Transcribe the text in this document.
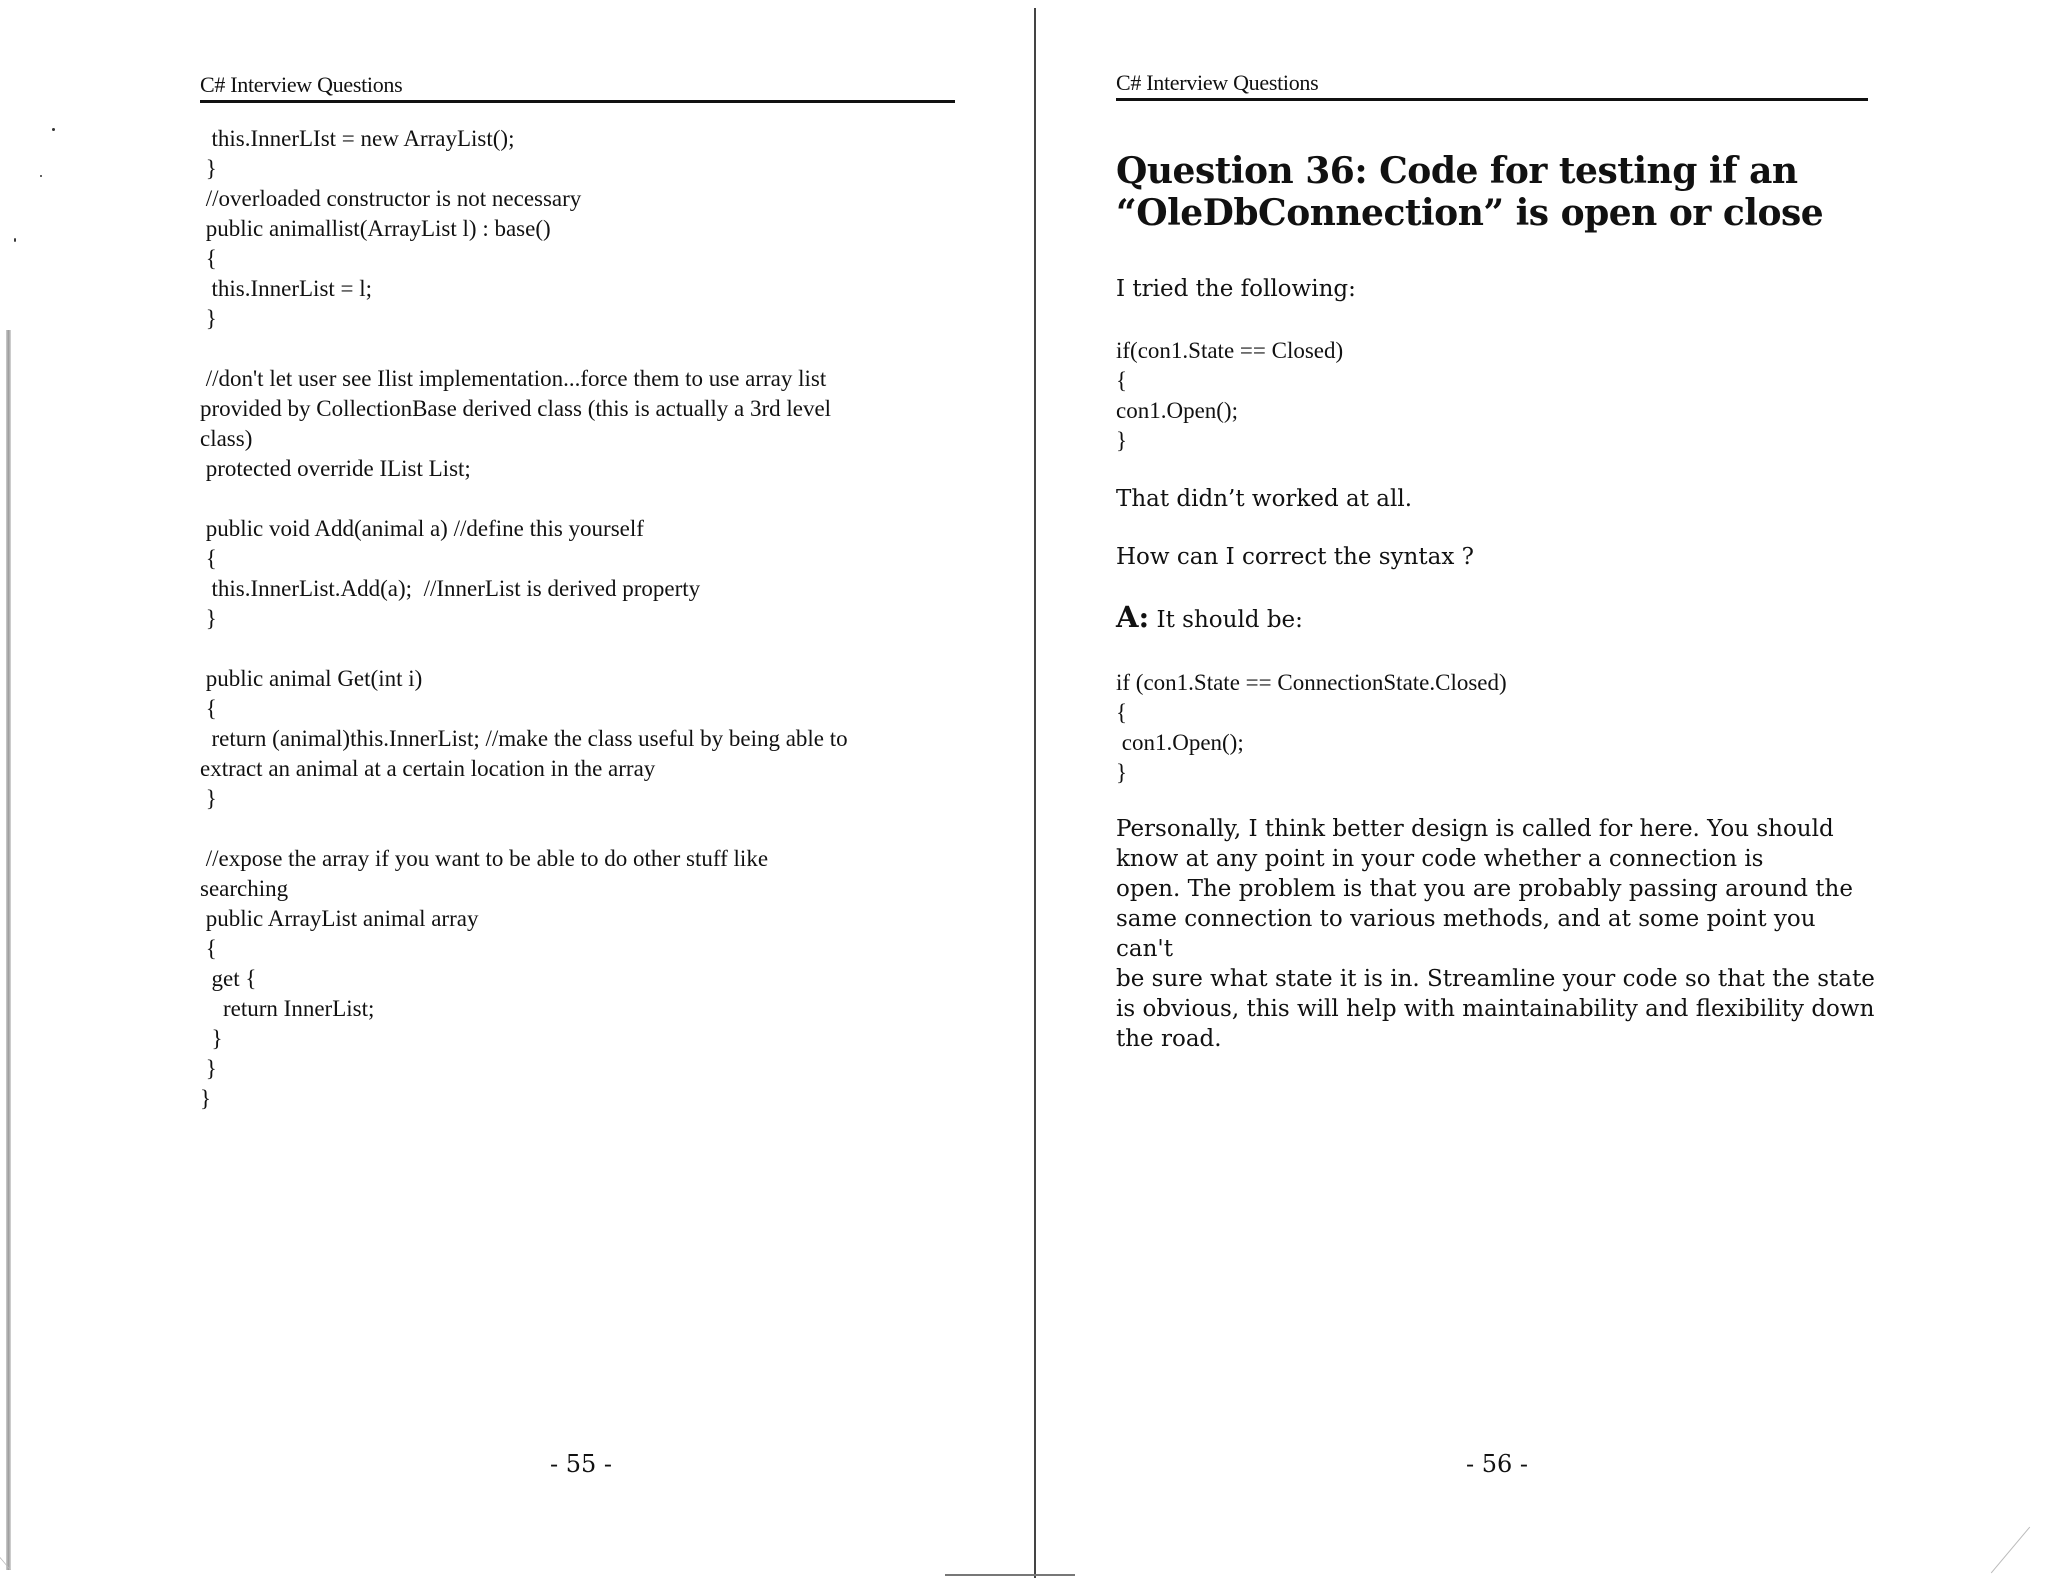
C# Interview Questions
this.InnerLIst = new ArrayList();
}
//overloaded constructor is not necessary
public animallist(ArrayList l) : base()
{
this.InnerList = l;
}
//don't let user see Ilist implementation...force them to use array list
provided by CollectionBase derived class (this is actually a 3rd level
class)
protected override IList List;
public void Add(animal a) //define this yourself
{
this.InnerList.Add(a);  //InnerList is derived property
}
public animal Get(int i)
{
return (animal)this.InnerList; //make the class useful by being able to
extract an animal at a certain location in the array
}
//expose the array if you want to be able to do other stuff like
searching
public ArrayList animal array
{
get {
return InnerList;
}
}
}
- 55 -
C# Interview Questions
Question 36: Code for testing if an
“OleDbConnection” is open or close
I tried the following:
if(con1.State == Closed)
{
con1.Open();
}
That didn’t worked at all.
How can I correct the syntax ?
A: It should be:
if (con1.State == ConnectionState.Closed)
{
con1.Open();
}
Personally, I think better design is called for here. You should
know at any point in your code whether a connection is
open. The problem is that you are probably passing around the
same connection to various methods, and at some point you can't
be sure what state it is in. Streamline your code so that the state
is obvious, this will help with maintainability and flexibility down
the road.
- 56 -
